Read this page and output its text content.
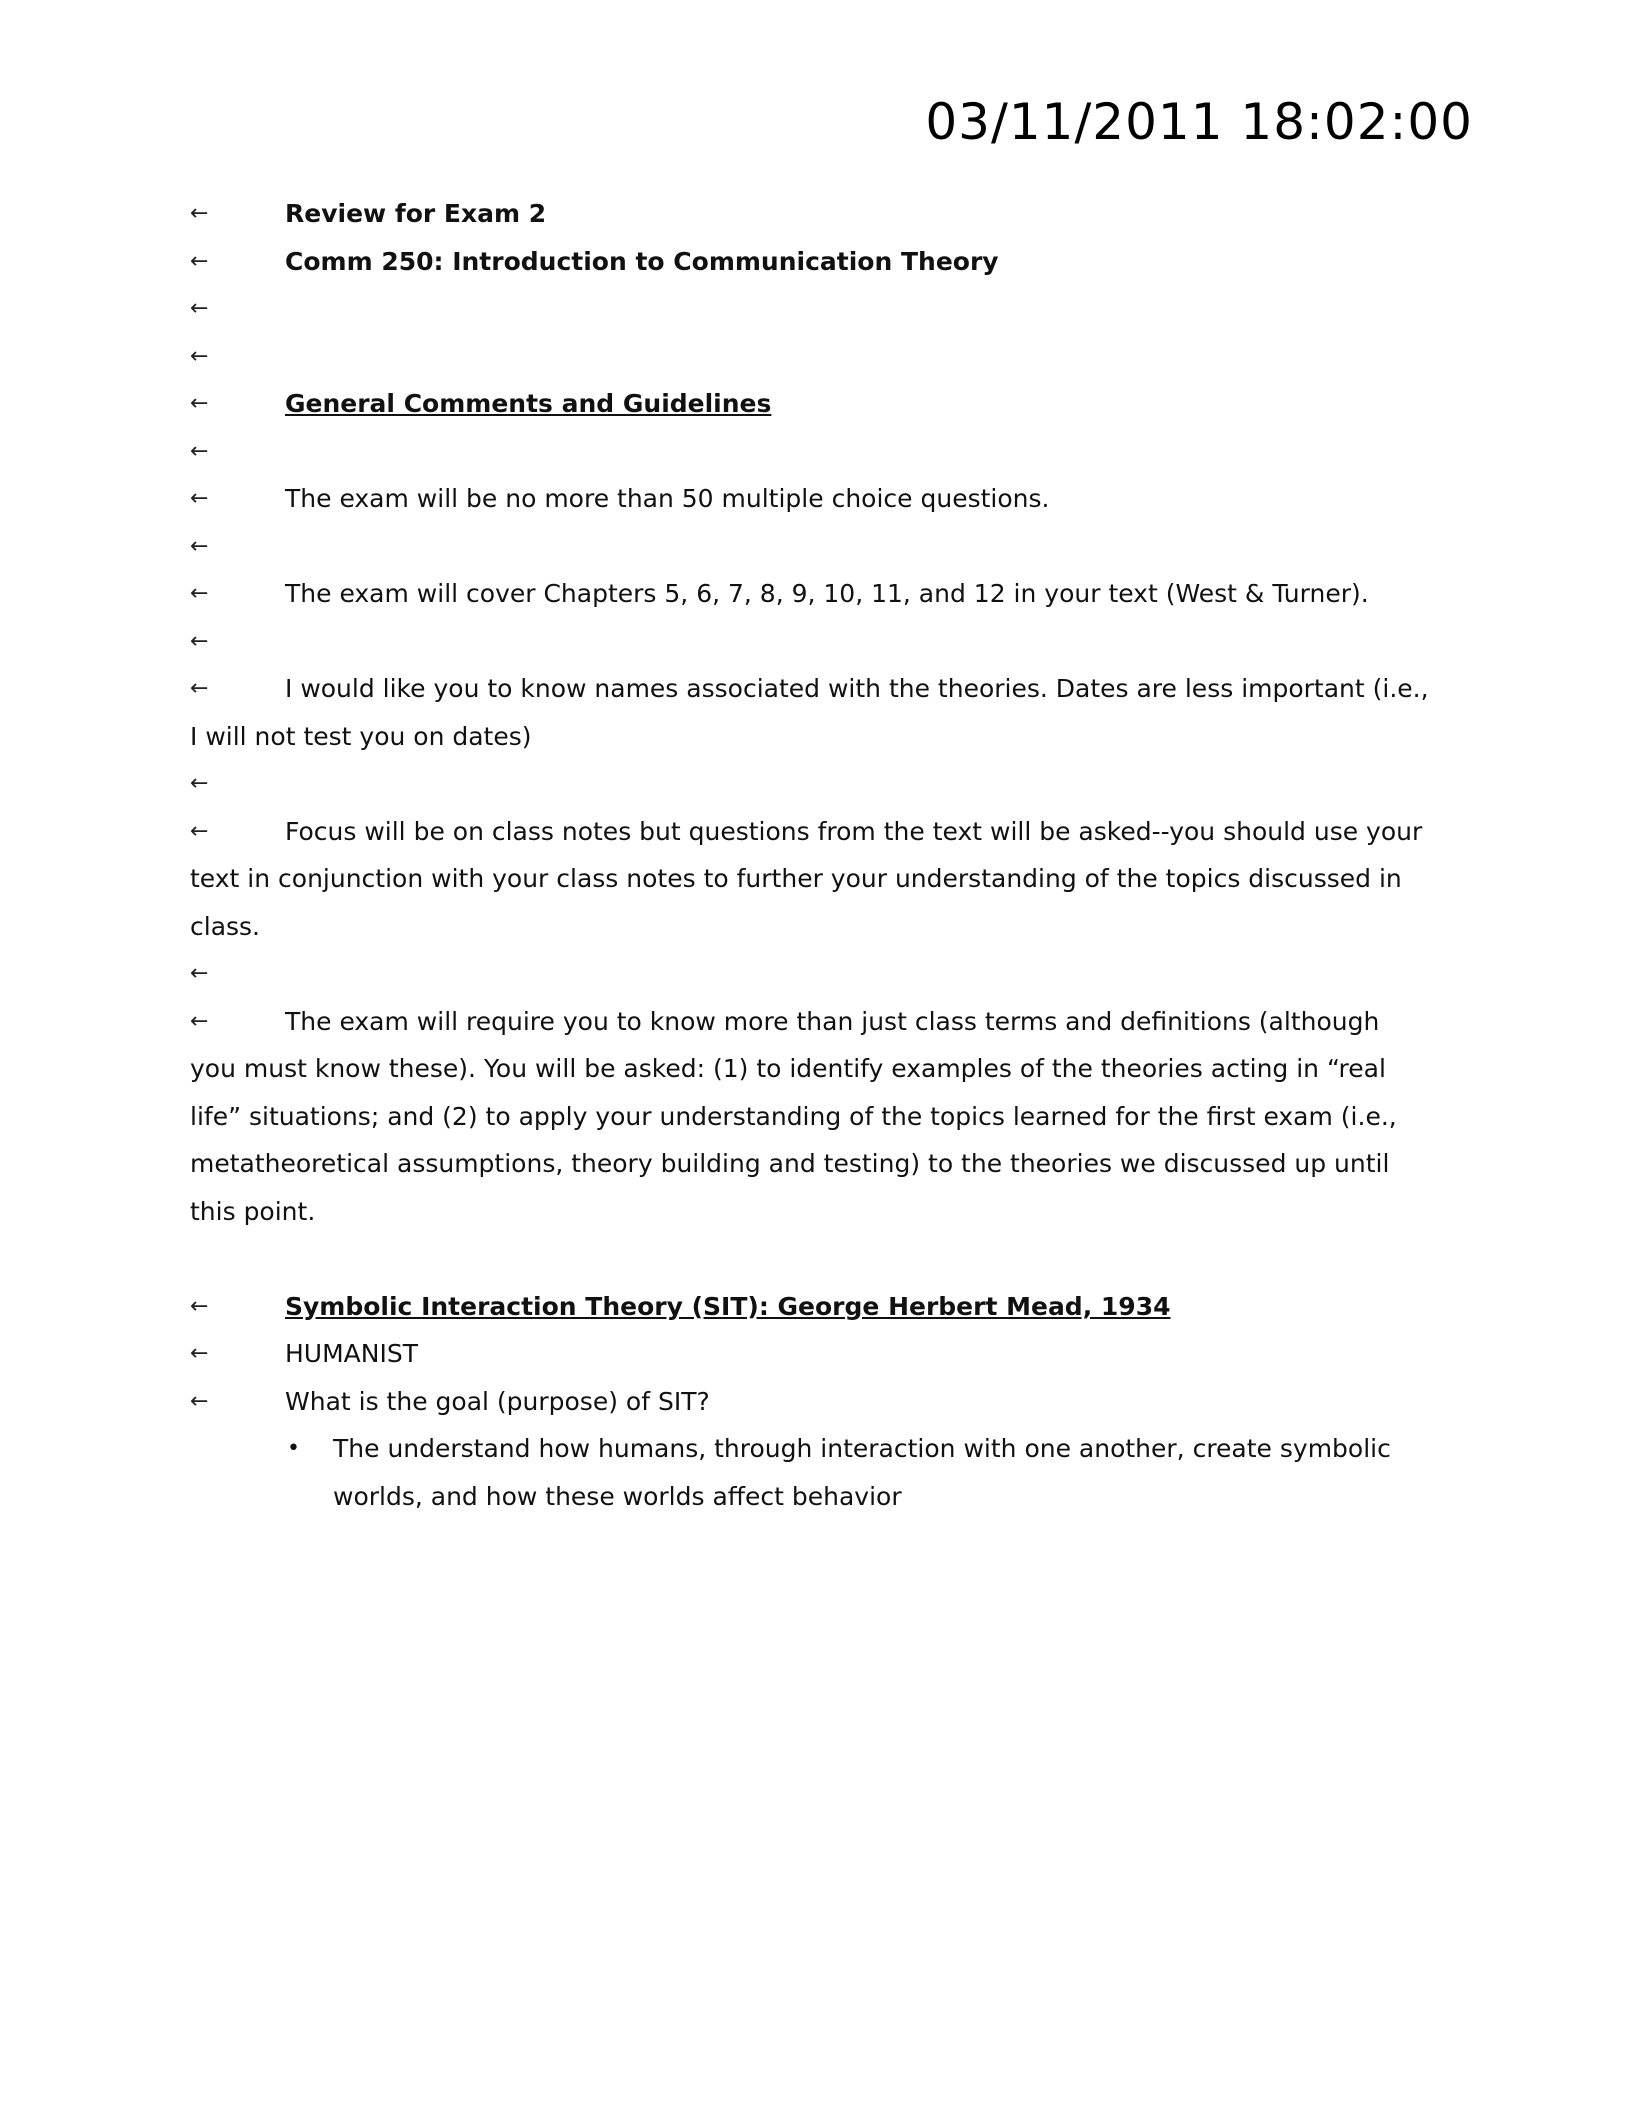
03/11/2011 18:02:00
←	Review for Exam 2
←	Comm 250: Introduction to Communication Theory
←
←
←	General Comments and Guidelines
←
←	The exam will be no more than 50 multiple choice questions.
←
←	The exam will cover Chapters 5, 6, 7, 8, 9, 10, 11, and 12 in your text (West & Turner).
←
←	I would like you to know names associated with the theories. Dates are less important (i.e., I will not test you on dates)
←
←	Focus will be on class notes but questions from the text will be asked--you should use your text in conjunction with your class notes to further your understanding of the topics discussed in class.
←
←	The exam will require you to know more than just class terms and definitions (although you must know these). You will be asked: (1) to identify examples of the theories acting in “real life” situations; and (2) to apply your understanding of the topics learned for the first exam (i.e., metatheoretical assumptions, theory building and testing) to the theories we discussed up until this point.
←	Symbolic Interaction Theory (SIT): George Herbert Mead, 1934
←	HUMANIST
←	What is the goal (purpose) of SIT?
• The understand how humans, through interaction with one another, create symbolic worlds, and how these worlds affect behavior
